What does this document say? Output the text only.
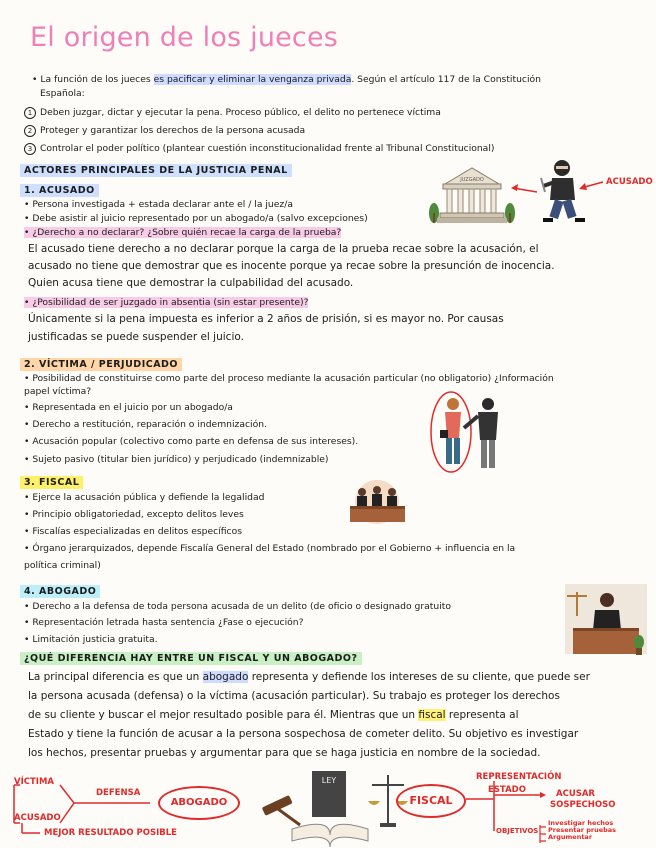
El origen de los jueces
• La función de los jueces es pacificar y eliminar la venganza privada. Según el artículo 117 de la Constitución
Española:
1 Deben juzgar, dictar y ejecutar la pena. Proceso público, el delito no pertenece víctima
2 Proteger y garantizar los derechos de la persona acusada
3 Controlar el poder político (plantear cuestión inconstitucionalidad frente al Tribunal Constitucional)
ACTORES PRINCIPALES DE LA JUSTICIA PENAL
1. ACUSADO
• Persona investigada + estada declarar ante el / la juez/a
• Debe asistir al juicio representado por un abogado/a (salvo excepciones)
• ¿Derecho a no declarar? ¿Sobre quién recae la carga de la prueba?
El acusado tiene derecho a no declarar porque la carga de la prueba recae sobre la acusación, el
acusado no tiene que demostrar que es inocente porque ya recae sobre la presunción de inocencia.
Quien acusa tiene que demostrar la culpabilidad del acusado.
• ¿Posibilidad de ser juzgado in absentia (sin estar presente)?
Únicamente si la pena impuesta es inferior a 2 años de prisión, si es mayor no. Por causas
justificadas se puede suspender el juicio.
JUZGADO	ACUSADO
2. VÍCTIMA / PERJUDICADO
• Posibilidad de constituirse como parte del proceso mediante la acusación particular (no obligatorio) ¿Información
papel víctima?
• Representada en el juicio por un abogado/a
• Derecho a restitución, reparación o indemnización.
• Acusación popular (colectivo como parte en defensa de sus intereses).
• Sujeto pasivo (titular bien jurídico) y perjudicado (indemnizable)
3. FISCAL
• Ejerce la acusación pública y defiende la legalidad
• Principio obligatoriedad, excepto delitos leves
• Fiscalías especializadas en delitos específicos
• Órgano jerarquizados, depende Fiscalía General del Estado (nombrado por el Gobierno + influencia en la
política criminal)
4. ABOGADO
• Derecho a la defensa de toda persona acusada de un delito (de oficio o designado gratuito
• Representación letrada hasta sentencia ¿Fase o ejecución?
• Limitación justicia gratuita.
¿QUÉ DIFERENCIA HAY ENTRE UN FISCAL Y UN ABOGADO?
La principal diferencia es que un abogado representa y defiende los intereses de su cliente, que puede ser
la persona acusada (defensa) o la víctima (acusación particular). Su trabajo es proteger los derechos
de su cliente y buscar el mejor resultado posible para él. Mientras que un fiscal representa al
Estado y tiene la función de acusar a la persona sospechosa de cometer delito. Su objetivo es investigar
los hechos, presentar pruebas y argumentar para que se haga justicia en nombre de la sociedad.
LEY
VÍCTIMA
ACUSADO
DEFENSA
ABOGADO
MEJOR RESULTADO POSIBLE
FISCAL
REPRESENTACIÓN
ESTADO	ACUSAR
SOSPECHOSO
OBJETIVOS
Investigar hechos
Presentar pruebas
Argumentar
